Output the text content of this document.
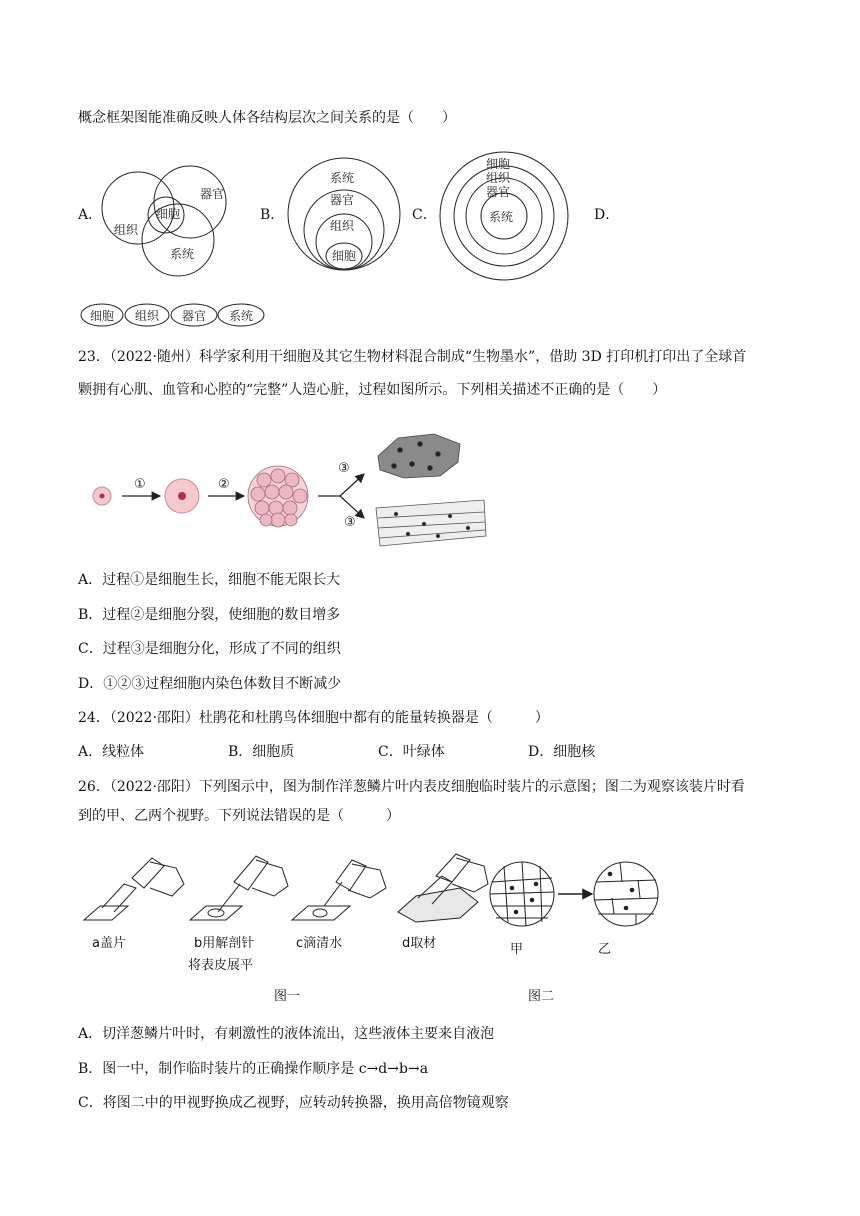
概念框架图能准确反映人体各结构层次之间关系的是（　　）
A．
组织
细胞
器官
系统
B．
系统
器官
组织
细胞
C．
细胞
组织
器官
系统	D．
细胞 组织 器官 系统
23．（2022·随州）科学家利用干细胞及其它生物材料混合制成“生物墨水”，借助 3D 打印机打印出了全球首
颗拥有心肌、血管和心腔的“完整”人造心脏，过程如图所示。下列相关描述不正确的是（　　）
①	②
③
③
A．过程①是细胞生长，细胞不能无限长大
B．过程②是细胞分裂，使细胞的数目增多
C．过程③是细胞分化，形成了不同的组织
D．①②③过程细胞内染色体数目不断减少
24．（2022·邵阳）杜鹃花和杜鹃鸟体细胞中都有的能量转换器是（　　　）
A．线粒体	B．细胞质	C．叶绿体	D．细胞核
26．（2022·邵阳）下列图示中，图为制作洋葱鳞片叶内表皮细胞临时装片的示意图；图二为观察该装片时看
到的甲、乙两个视野。下列说法错误的是（　　　）
a盖片	b用解剖针
将表皮展平
c滴清水	d取材	甲	乙
图一	图二
A．切洋葱鳞片叶时，有刺激性的液体流出，这些液体主要来自液泡
B．图一中，制作临时装片的正确操作顺序是 c→d→b→a
C．将图二中的甲视野换成乙视野，应转动转换器，换用高倍物镜观察
